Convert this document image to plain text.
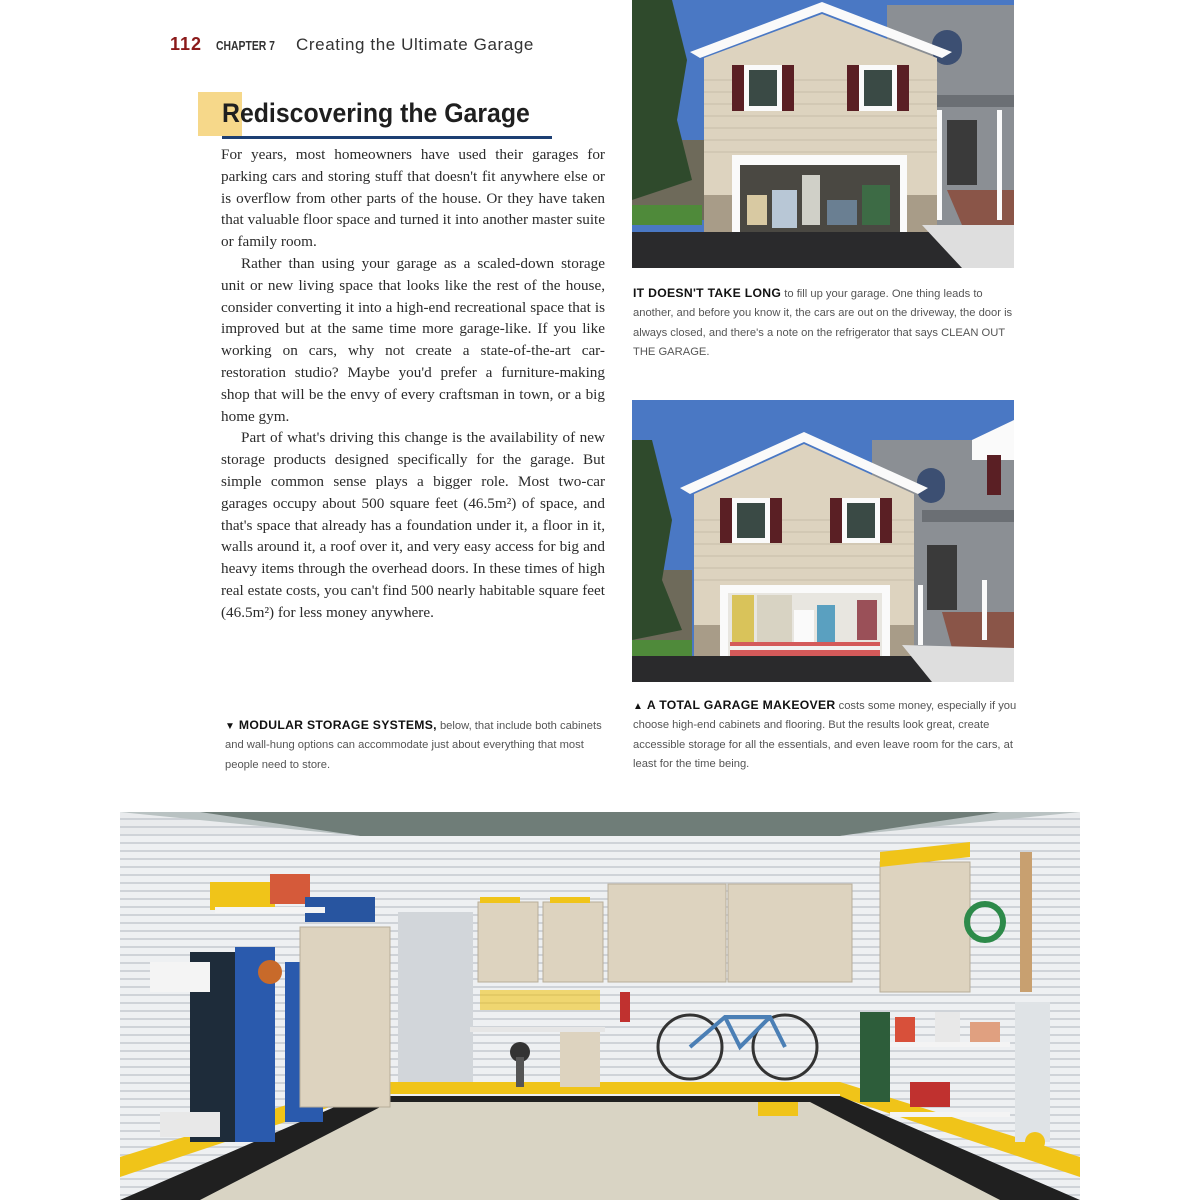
112 CHAPTER 7 Creating the Ultimate Garage
Rediscovering the Garage

For years, most homeowners have used their garages for parking cars and storing stuff that doesn't fit anywhere else or is overflow from other parts of the house. Or they have taken that valuable floor space and turned it into another master suite or family room.

Rather than using your garage as a scaled-down storage unit or new living space that looks like the rest of the house, consider converting it into a high-end recreational space that is improved but at the same time more garage-like. If you like working on cars, why not create a state-of-the-art car-restoration studio? Maybe you'd prefer a furniture-making shop that will be the envy of every craftsman in town, or a big home gym.

Part of what's driving this change is the availability of new storage products designed specifically for the garage. But simple common sense plays a bigger role. Most two-car garages occupy about 500 square feet (46.5m²) of space, and that's space that already has a foundation under it, a floor in it, walls around it, a roof over it, and very easy access for big and heavy items through the overhead doors. In these times of high real estate costs, you can't find 500 nearly habitable square feet (46.5m²) for less money anywhere.

IT DOESN'T TAKE LONG to fill up your garage. One thing leads to another, and before you know it, the cars are out on the driveway, the door is always closed, and there's a note on the refrigerator that says CLEAN OUT THE GARAGE.
▲ A TOTAL GARAGE MAKEOVER costs some money, especially if you choose high-end cabinets and flooring. But the results look great, create accessible storage for all the essentials, and even leave room for the cars, at least for the time being.
▼ MODULAR STORAGE SYSTEMS, below, that include both cabinets and wall-hung options can accommodate just about everything that most people need to store.
